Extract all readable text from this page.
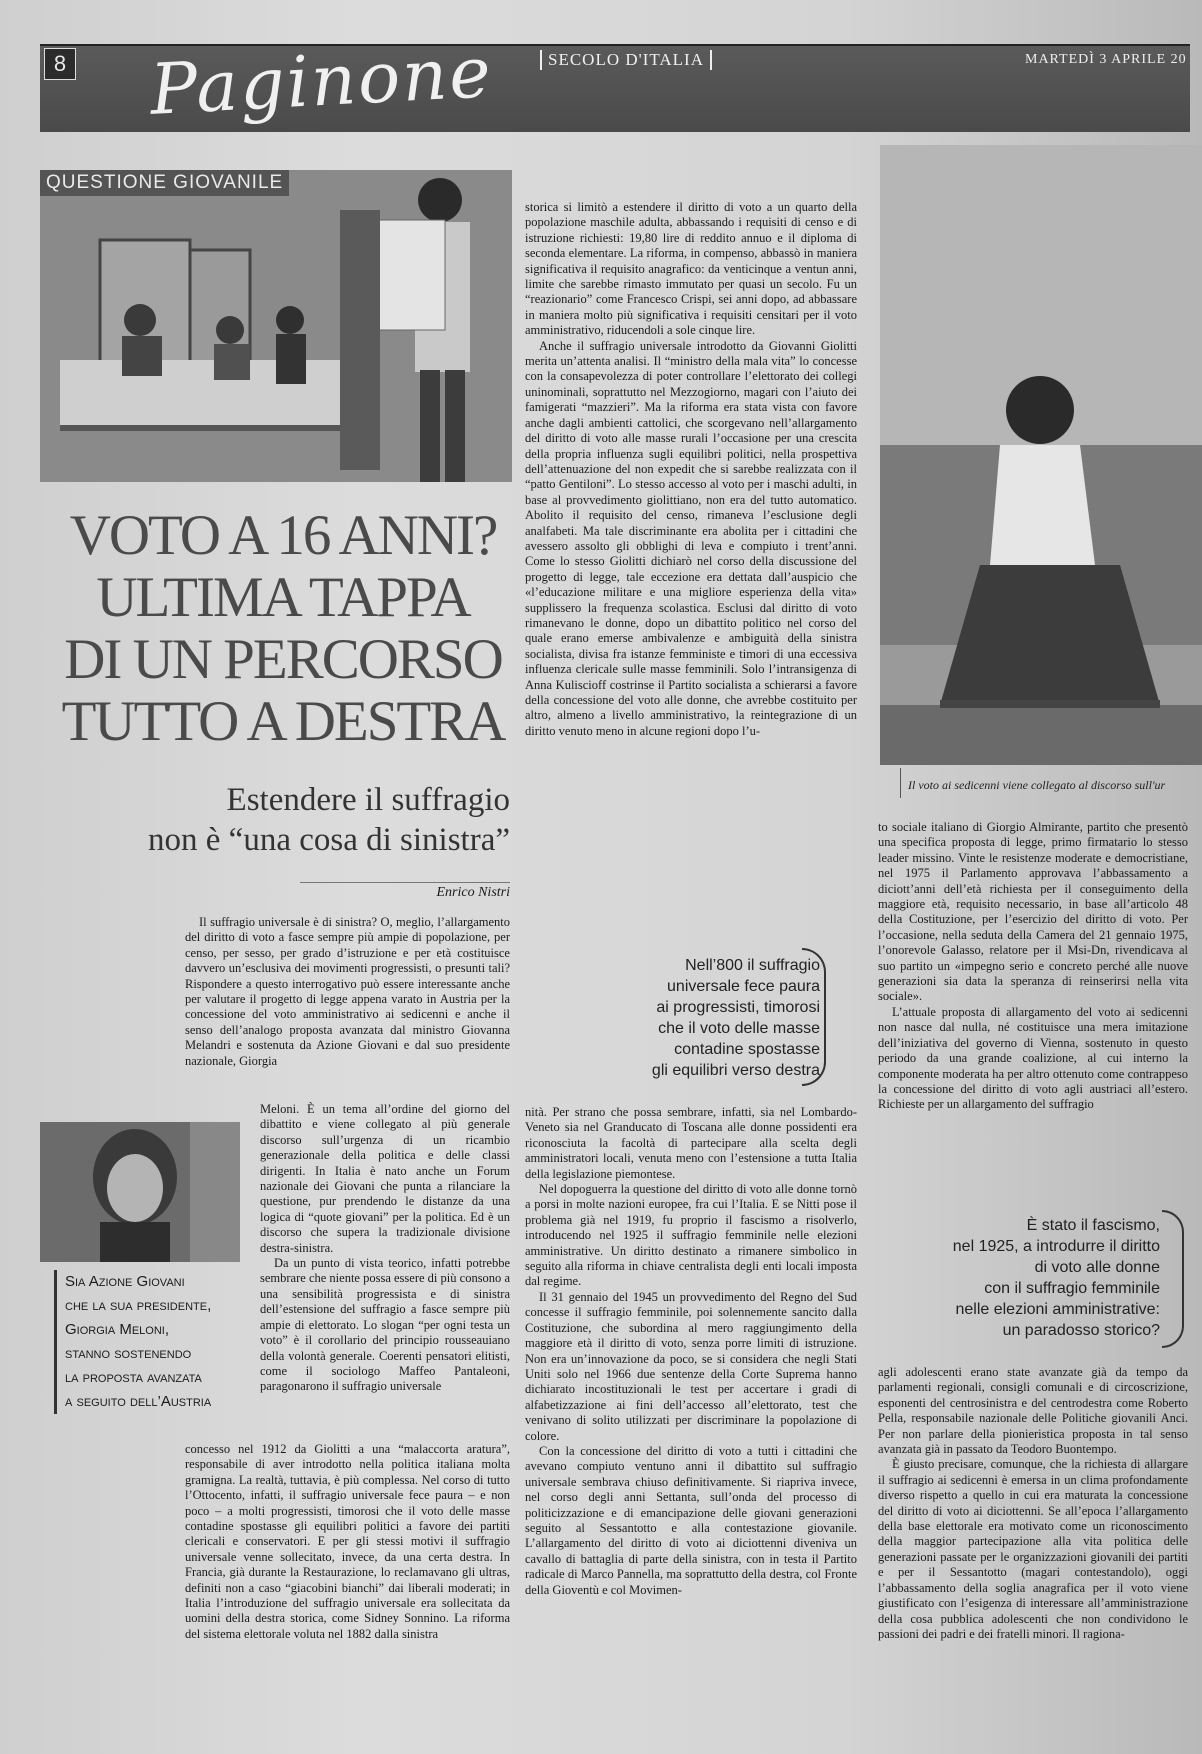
8 Paginone	SECOLO D'ITALIA	MARTEDÌ 3 APRILE 20
QUESTIONE GIOVANILE
VOTO A 16 ANNI?
ULTIMA TAPPA
DI UN PERCORSO
TUTTO A DESTRA
Estendere il suffragio
non è “una cosa di sinistra”
Enrico Nistri

Il suffragio universale è di sinistra? O, meglio, l’allargamento del diritto di voto a fasce sempre più ampie di popolazione, per censo, per sesso, per grado d’istruzione e per età costituisce davvero un’esclusiva dei movimenti progressisti, o presunti tali? Rispondere a questo interrogativo può essere interessante anche per valutare il progetto di legge appena varato in Austria per la concessione del voto amministrativo ai sedicenni e anche il senso dell’analogo proposta avanzata dal ministro Giovanna Melandri e sostenuta da Azione Giovani e dal suo presidente nazionale, Giorgia

Sia Azione Giovani
che la sua presidente,
Giorgia Meloni,
stanno sostenendo
la proposta avanzata
a seguito dell’Austria

Meloni. È un tema all’ordine del giorno del dibattito e viene collegato al più generale discorso sull’urgenza di un ricambio generazionale della politica e delle classi dirigenti. In Italia è nato anche un Forum nazionale dei Giovani che punta a rilanciare la questione, pur prendendo le distanze da una logica di “quote giovani” per la politica. Ed è un discorso che supera la tradizionale divisione destra-sinistra.

Da un punto di vista teorico, infatti potrebbe sembrare che niente possa essere di più consono a una sensibilità progressista e di sinistra dell’estensione del suffragio a fasce sempre più ampie di elettorato. Lo slogan “per ogni testa un voto” è il corollario del principio rousseauiano della volontà generale. Coerenti pensatori elitisti, come il sociologo Maffeo Pantaleoni, paragonarono il suffragio universale

concesso nel 1912 da Giolitti a una “malaccorta aratura”, responsabile di aver introdotto nella politica italiana molta gramigna. La realtà, tuttavia, è più complessa. Nel corso di tutto l’Ottocento, infatti, il suffragio universale fece paura – e non poco – a molti progressisti, timorosi che il voto delle masse contadine spostasse gli equilibri politici a favore dei partiti clericali e conservatori. E per gli stessi motivi il suffragio universale venne sollecitato, invece, da una certa destra. In Francia, già durante la Restaurazione, lo reclamavano gli ultras, definiti non a caso “giacobini bianchi” dai liberali moderati; in Italia l’introduzione del suffragio universale era sollecitata da uomini della destra storica, come Sidney Sonnino. La riforma del sistema elettorale voluta nel 1882 dalla sinistra

storica si limitò a estendere il diritto di voto a un quarto della popolazione maschile adulta, abbassando i requisiti di censo e di istruzione richiesti: 19,80 lire di reddito annuo e il diploma di seconda elementare. La riforma, in compenso, abbassò in maniera significativa il requisito anagrafico: da venticinque a ventun anni, limite che sarebbe rimasto immutato per quasi un secolo. Fu un “reazionario” come Francesco Crispi, sei anni dopo, ad abbassare in maniera molto più significativa i requisiti censitari per il voto amministrativo, riducendoli a sole cinque lire.

Anche il suffragio universale introdotto da Giovanni Giolitti merita un’attenta analisi. Il “ministro della mala vita” lo concesse con la consapevolezza di poter controllare l’elettorato dei collegi uninominali, soprattutto nel Mezzogiorno, magari con l’aiuto dei famigerati “mazzieri”. Ma la riforma era stata vista con favore anche dagli ambienti cattolici, che scorgevano nell’allargamento del diritto di voto alle masse rurali l’occasione per una crescita della propria influenza sugli equilibri politici, nella prospettiva dell’attenuazione del non expedit che si sarebbe realizzata con il “patto Gentiloni”. Lo stesso accesso al voto per i maschi adulti, in base al provvedimento giolittiano, non era del tutto automatico. Abolito il requisito del censo, rimaneva l’esclusione degli analfabeti. Ma tale discriminante era abolita per i cittadini che avessero assolto gli obblighi di leva e compiuto i trent’anni. Come lo stesso Giolitti dichiarò nel corso della discussione del progetto di legge, tale eccezione era dettata dall’auspicio che «l’educazione militare e una migliore esperienza della vita» supplissero la frequenza scolastica. Esclusi dal diritto di voto rimanevano le donne, dopo un dibattito politico nel corso del quale erano emerse ambivalenze e ambiguità della sinistra socialista, divisa fra istanze femministe e timori di una eccessiva influenza clericale sulle masse femminili. Solo l’intransigenza di Anna Kuliscioff costrinse il Partito socialista a schierarsi a favore della concessione del voto alle donne, che avrebbe costituito per altro, almeno a livello amministrativo, la reintegrazione di un diritto venuto meno in alcune regioni dopo l’u-

Nell’800 il suffragio
universale fece paura
ai progressisti, timorosi
che il voto delle masse
contadine spostasse
gli equilibri verso destra

nità. Per strano che possa sembrare, infatti, sia nel Lombardo-Veneto sia nel Granducato di Toscana alle donne possidenti era riconosciuta la facoltà di partecipare alla scelta degli amministratori locali, venuta meno con l’estensione a tutta Italia della legislazione piemontese.

Nel dopoguerra la questione del diritto di voto alle donne tornò a porsi in molte nazioni europee, fra cui l’Italia. E se Nitti pose il problema già nel 1919, fu proprio il fascismo a risolverlo, introducendo nel 1925 il suffragio femminile nelle elezioni amministrative. Un diritto destinato a rimanere simbolico in seguito alla riforma in chiave centralista degli enti locali imposta dal regime.

Il 31 gennaio del 1945 un provvedimento del Regno del Sud concesse il suffragio femminile, poi solennemente sancito dalla Costituzione, che subordina al mero raggiungimento della maggiore età il diritto di voto, senza porre limiti di istruzione. Non era un’innovazione da poco, se si considera che negli Stati Uniti solo nel 1966 due sentenze della Corte Suprema hanno dichiarato incostituzionali le test per accertare i gradi di alfabetizzazione ai fini dell’accesso all’elettorato, test che venivano di solito utilizzati per discriminare la popolazione di colore.

Con la concessione del diritto di voto a tutti i cittadini che avevano compiuto ventuno anni il dibattito sul suffragio universale sembrava chiuso definitivamente. Si riapriva invece, nel corso degli anni Settanta, sull’onda del processo di politicizzazione e di emancipazione delle giovani generazioni seguito al Sessantotto e alla contestazione giovanile. L’allargamento del diritto di voto ai diciottenni diveniva un cavallo di battaglia di parte della sinistra, con in testa il Partito radicale di Marco Pannella, ma soprattutto della destra, col Fronte della Gioventù e col Movimen-

Il voto ai sedicenni viene collegato al discorso sull'ur

to sociale italiano di Giorgio Almirante, partito che presentò una specifica proposta di legge, primo firmatario lo stesso leader missino. Vinte le resistenze moderate e democristiane, nel 1975 il Parlamento approvava l’abbassamento a diciott’anni dell’età richiesta per il conseguimento della maggiore età, requisito necessario, in base all’articolo 48 della Costituzione, per l’esercizio del diritto di voto. Per l’occasione, nella seduta della Camera del 21 gennaio 1975, l’onorevole Galasso, relatore per il Msi-Dn, rivendicava al suo partito un «impegno serio e concreto perché alle nuove generazioni sia data la speranza di reinserirsi nella vita sociale».

L’attuale proposta di allargamento del voto ai sedicenni non nasce dal nulla, né costituisce una mera imitazione dell’iniziativa del governo di Vienna, sostenuto in questo periodo da una grande coalizione, al cui interno la componente moderata ha per altro ottenuto come contrappeso la concessione del diritto di voto agli austriaci all’estero. Richieste per un allargamento del suffragio

È stato il fascismo,
nel 1925, a introdurre il diritto
di voto alle donne
con il suffragio femminile
nelle elezioni amministrative:
un paradosso storico?

agli adolescenti erano state avanzate già da tempo da parlamenti regionali, consigli comunali e di circoscrizione, esponenti del centrosinistra e del centrodestra come Roberto Pella, responsabile nazionale delle Politiche giovanili Anci. Per non parlare della pionieristica proposta in tal senso avanzata già in passato da Teodoro Buontempo.

È giusto precisare, comunque, che la richiesta di allargare il suffragio ai sedicenni è emersa in un clima profondamente diverso rispetto a quello in cui era maturata la concessione del diritto di voto ai diciottenni. Se all’epoca l’allargamento della base elettorale era motivato come un riconoscimento della maggior partecipazione alla vita politica delle generazioni passate per le organizzazioni giovanili dei partiti e per il Sessantotto (magari contestandolo), oggi l’abbassamento della soglia anagrafica per il voto viene giustificato con l’esigenza di interessare all’amministrazione della cosa pubblica adolescenti che non condividono le passioni dei padri e dei fratelli minori. Il ragiona-
